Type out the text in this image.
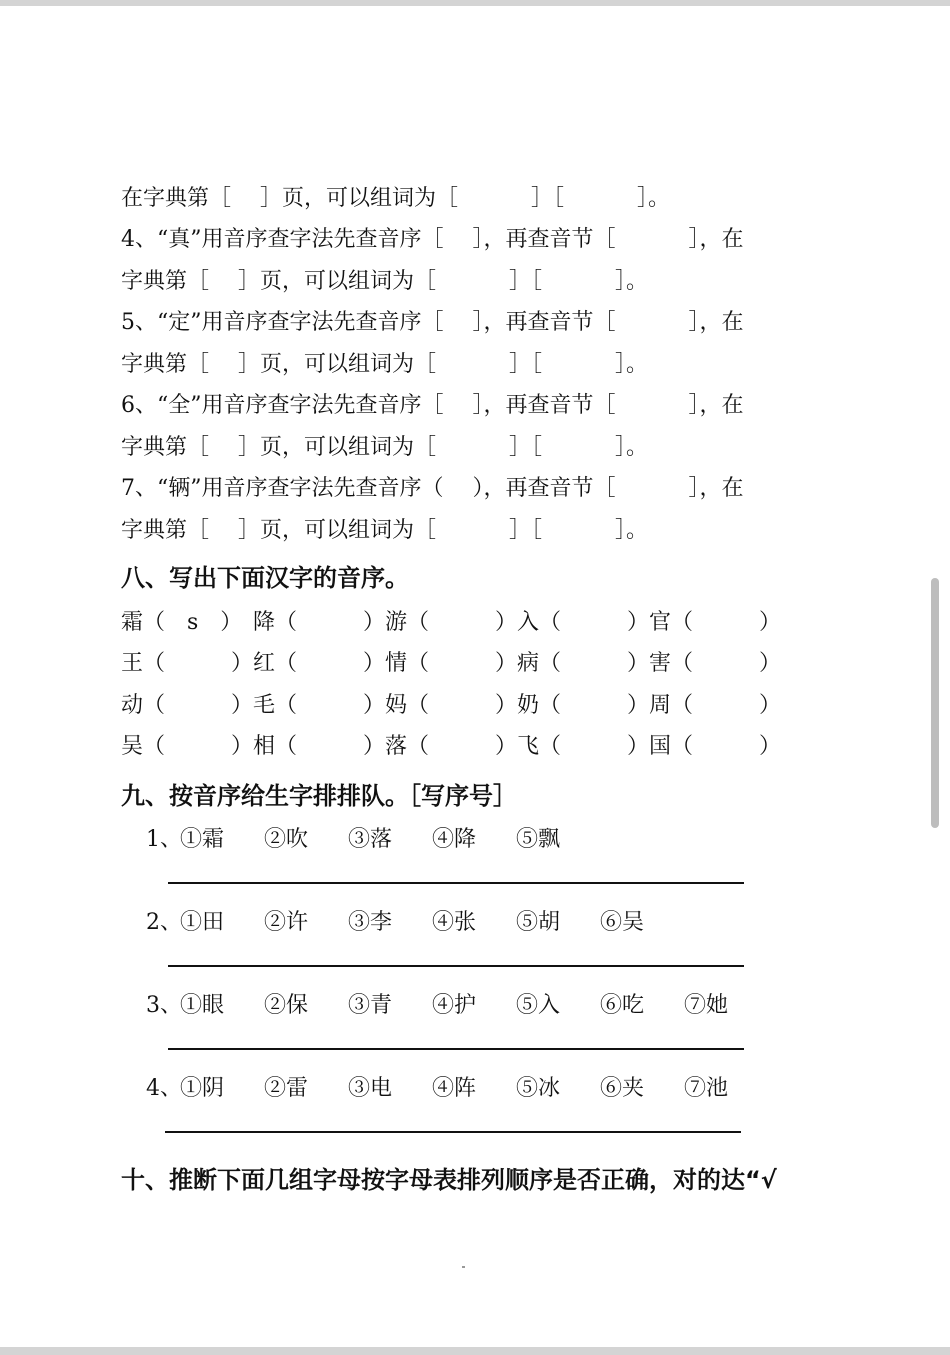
在字典第［　 ］页，可以组词为［　　　 ］［　　　 ］。
4、“真”用音序查字法先查音序［　 ］，再查音节［　　　 ］，在
字典第［　 ］页，可以组词为［　　　 ］［　　　 ］。
5、“定”用音序查字法先查音序［　 ］，再查音节［　　　 ］，在
字典第［　 ］页，可以组词为［　　　 ］［　　　 ］。
6、“全”用音序查字法先查音序［　 ］，再查音节［　　　 ］，在
字典第［　 ］页，可以组词为［　　　 ］［　　　 ］。
7、“辆”用音序查字法先查音序（　 ），再查音节［　　　 ］，在
字典第［　 ］页，可以组词为［　　　 ］［　　　 ］。
八、写出下面汉字的音序。
霜（　s　） 降（　　　） 游（　　　） 入（　　　） 官（　　　）
王（　　　） 红（　　　） 情（　　　） 病（　　　） 害（　　　）
动（　　　） 毛（　　　） 妈（　　　） 奶（　　　） 周（　　　）
吴（　　　） 相（　　　） 落（　　　） 飞（　　　） 国（　　　）
九、按音序给生字排排队。［写序号］
1、
①霜 ②吹 ③落 ④降 ⑤飘
2、
①田 ②许 ③李 ④张 ⑤胡 ⑥吴
3、
①眼 ②保 ③青 ④护 ⑤入 ⑥吃 ⑦她
4、
①阴 ②雷 ③电 ④阵 ⑤冰 ⑥夹 ⑦池
十、推断下面几组字母按字母表排列顺序是否正确，对的达“√
